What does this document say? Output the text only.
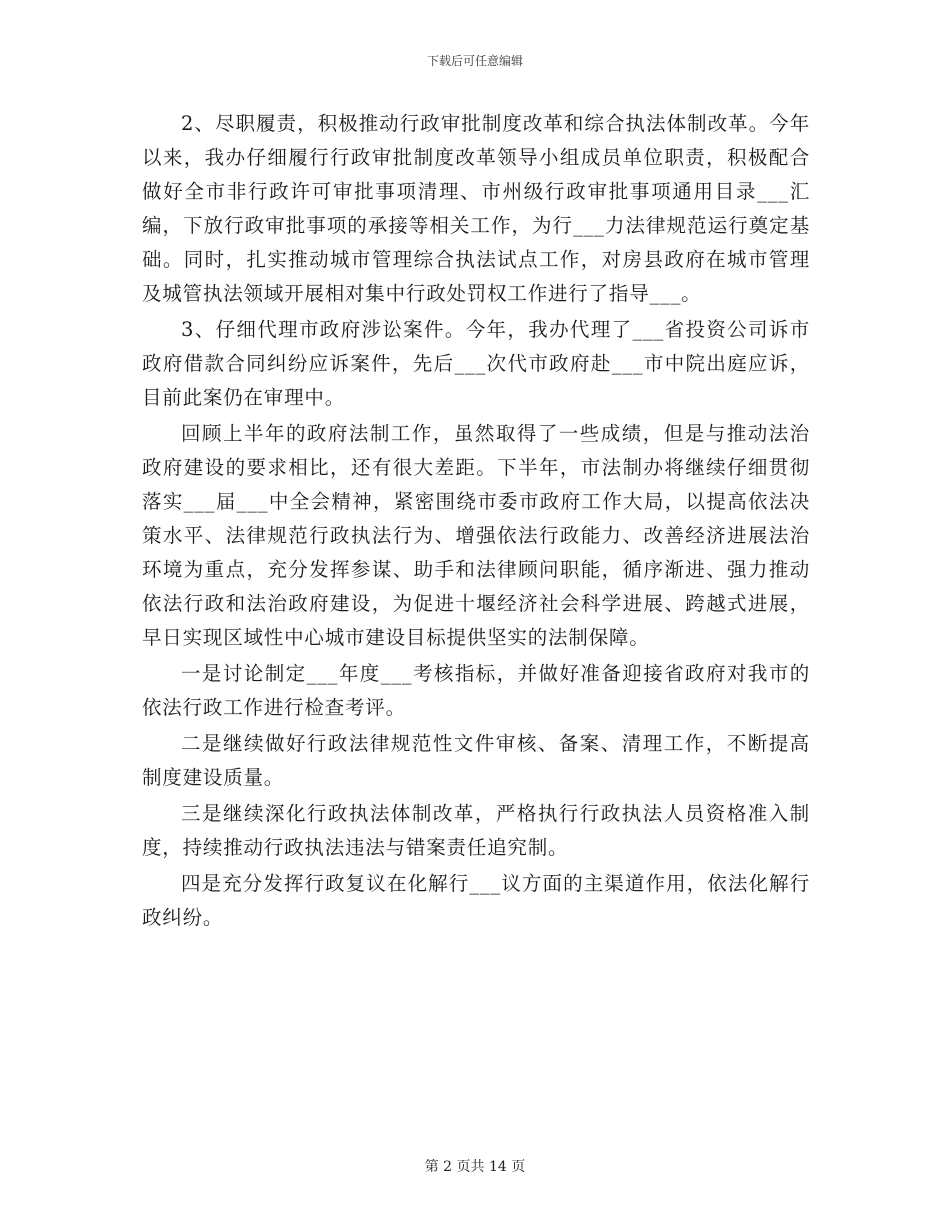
下载后可任意编辑

2、尽职履责，积极推动行政审批制度改革和综合执法体制改革。今年以来，我办仔细履行行政审批制度改革领导小组成员单位职责，积极配合做好全市非行政许可审批事项清理、市州级行政审批事项通用目录___汇编，下放行政审批事项的承接等相关工作，为行___力法律规范运行奠定基础。同时，扎实推动城市管理综合执法试点工作，对房县政府在城市管理及城管执法领域开展相对集中行政处罚权工作进行了指导___。

3、仔细代理市政府涉讼案件。今年，我办代理了___省投资公司诉市政府借款合同纠纷应诉案件，先后___次代市政府赴___市中院出庭应诉，目前此案仍在审理中。

回顾上半年的政府法制工作，虽然取得了一些成绩，但是与推动法治政府建设的要求相比，还有很大差距。下半年，市法制办将继续仔细贯彻落实___届___中全会精神，紧密围绕市委市政府工作大局，以提高依法决策水平、法律规范行政执法行为、增强依法行政能力、改善经济进展法治环境为重点，充分发挥参谋、助手和法律顾问职能，循序渐进、强力推动依法行政和法治政府建设，为促进十堰经济社会科学进展、跨越式进展，早日实现区域性中心城市建设目标提供坚实的法制保障。

一是讨论制定___年度___考核指标，并做好准备迎接省政府对我市的依法行政工作进行检查考评。

二是继续做好行政法律规范性文件审核、备案、清理工作，不断提高制度建设质量。

三是继续深化行政执法体制改革，严格执行行政执法人员资格准入制度，持续推动行政执法违法与错案责任追究制。

四是充分发挥行政复议在化解行___议方面的主渠道作用，依法化解行政纠纷。

第 2 页共 14 页
